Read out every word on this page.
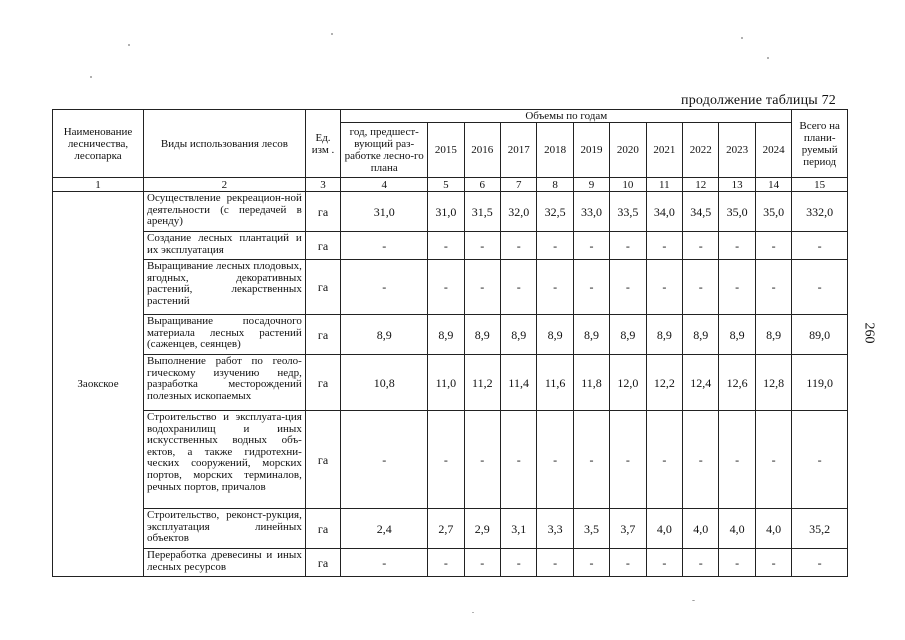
продолжение таблицы 72
260
Наименование лесничества, лесопарка	Виды использования лесов	Ед. изм .	Объемы по годам											Всего на плани-руемый период
			год, предшест-вующий раз-работке лесно-го плана	2015	2016	2017	2018	2019	2020	2021	2022	2023	2024	
1	2	3	4	5	6	7	8	9	10	11	12	13	14	15
Заокское	Осуществление рекреацион-ной деятельности (с передачей в аренду)	га	31,0	31,0	31,5	32,0	32,5	33,0	33,5	34,0	34,5	35,0	35,0	332,0
	Создание лесных плантаций и их эксплуатация	га	-	-	-	-	-	-	-	-	-	-	-	-
	Выращивание лесных плодовых, ягодных, декоративных растений, лекарственных растений	га	-	-	-	-	-	-	-	-	-	-	-	-
	Выращивание посадочного материала лесных растений (саженцев, сеянцев)	га	8,9	8,9	8,9	8,9	8,9	8,9	8,9	8,9	8,9	8,9	8,9	89,0
	Выполнение работ по геоло-гическому изучению недр, разработка месторождений полезных ископаемых	га	10,8	11,0	11,2	11,4	11,6	11,8	12,0	12,2	12,4	12,6	12,8	119,0
	Строительство и эксплуата-ция водохранилищ и иных искусственных водных объ-ектов, а также гидротехни-ческих сооружений, морских портов, морских терминалов, речных портов, причалов	га	-	-	-	-	-	-	-	-	-	-	-	-
	Строительство, реконст-рукция, эксплуатация линейных объектов	га	2,4	2,7	2,9	3,1	3,3	3,5	3,7	4,0	4,0	4,0	4,0	35,2
	Переработка древесины и иных лесных ресурсов	га	-	-	-	-	-	-	-	-	-	-	-	-
